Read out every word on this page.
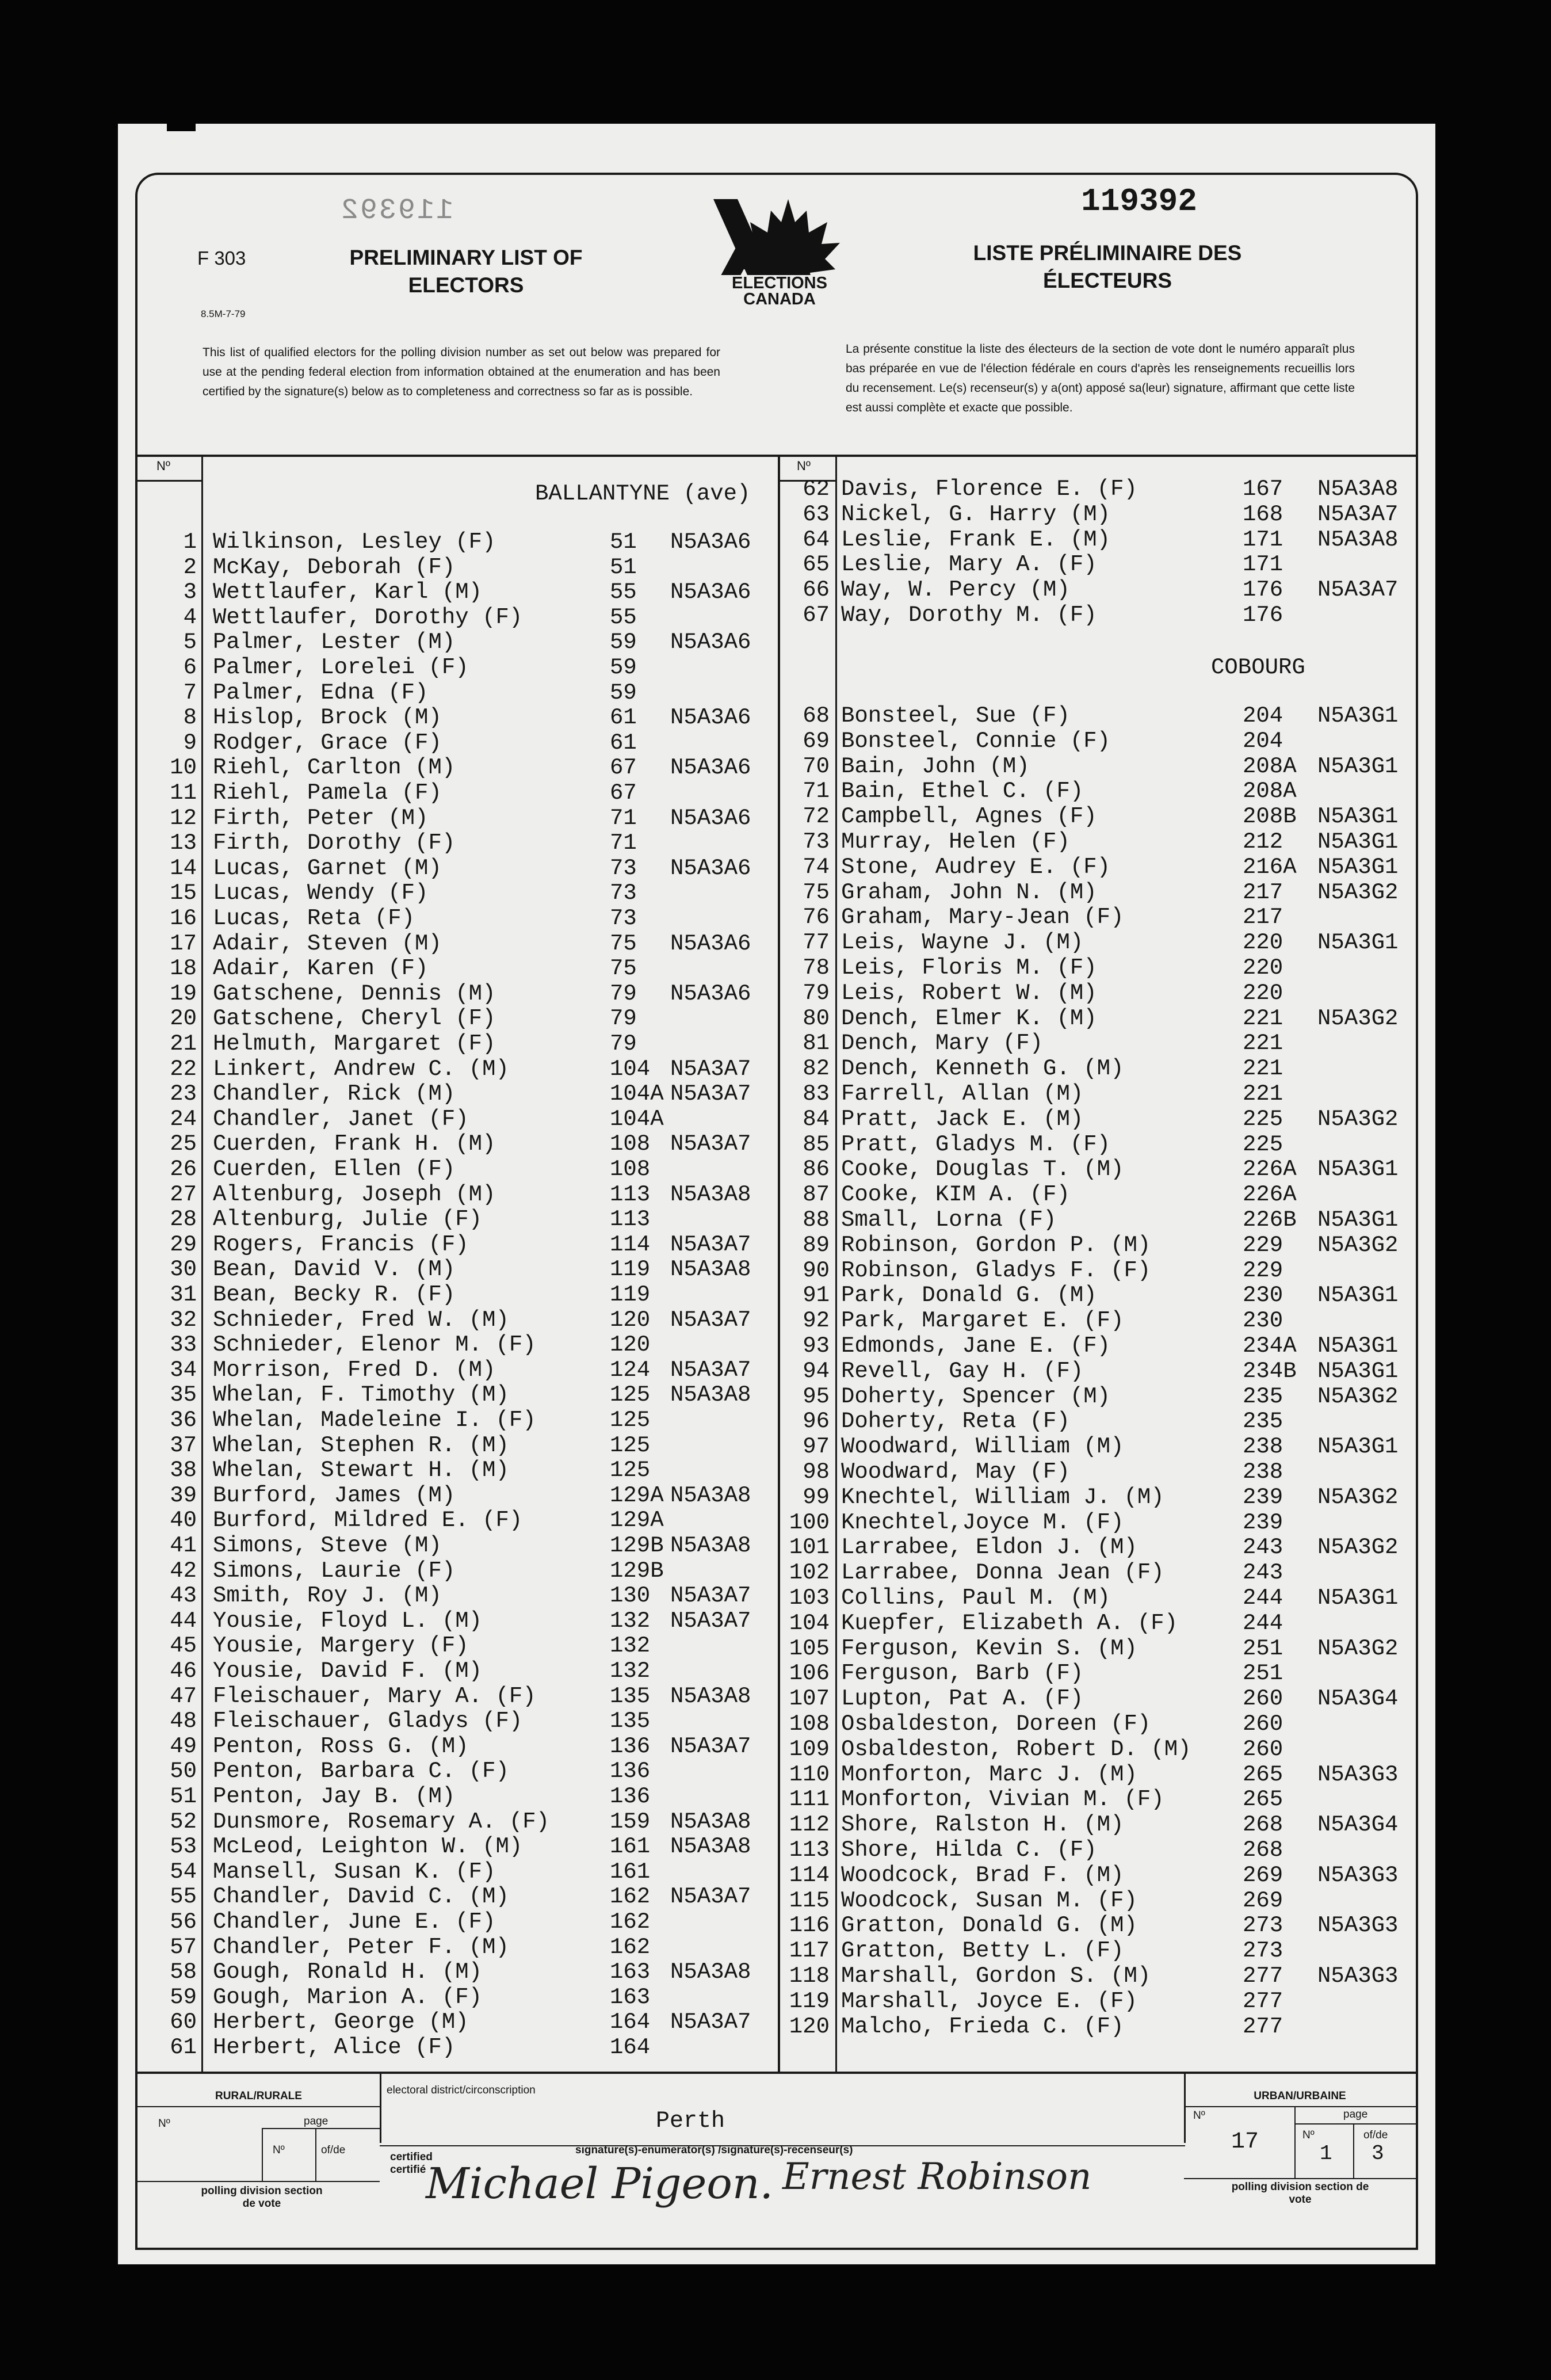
119392	119392
F 303
8.5M-7-79
PRELIMINARY LIST OF ELECTORS
LISTE PRÉLIMINAIRE DES ÉLECTEURS
ELECTIONS CANADA
This list of qualified electors for the polling division number as set out below was prepared for use at the pending federal election from information obtained at the enumeration and has been certified by the signature(s) below as to completeness and correctness so far as is possible.
La présente constitue la liste des électeurs de la section de vote dont le numéro apparaît plus bas préparée en vue de l'élection fédérale en cours d'après les renseignements recueillis lors du recensement. Le(s) recenseur(s) y a(ont) apposé sa(leur) signature, affirmant que cette liste est aussi complète et exacte que possible.
Nº	Nº
BALLANTYNE (ave)
1 Wilkinson, Lesley (F)	51 N5A3A6
2 McKay, Deborah (F)	51
3 Wettlaufer, Karl (M)	55 N5A3A6
4 Wettlaufer, Dorothy (F)	55
5 Palmer, Lester (M)	59 N5A3A6
6 Palmer, Lorelei (F)	59
7 Palmer, Edna (F)	59
8 Hislop, Brock (M)	61 N5A3A6
9 Rodger, Grace (F)	61
10 Riehl, Carlton (M)	67 N5A3A6
11 Riehl, Pamela (F)	67
12 Firth, Peter (M)	71 N5A3A6
13 Firth, Dorothy (F)	71
14 Lucas, Garnet (M)	73 N5A3A6
15 Lucas, Wendy (F)	73
16 Lucas, Reta (F)	73
17 Adair, Steven (M)	75 N5A3A6
18 Adair, Karen (F)	75
19 Gatschene, Dennis (M)	79 N5A3A6
20 Gatschene, Cheryl (F)	79
21 Helmuth, Margaret (F)	79
22 Linkert, Andrew C. (M)	104 N5A3A7
23 Chandler, Rick (M)	104A N5A3A7
24 Chandler, Janet (F)	104A
25 Cuerden, Frank H. (M)	108 N5A3A7
26 Cuerden, Ellen (F)	108
27 Altenburg, Joseph (M)	113 N5A3A8
28 Altenburg, Julie (F)	113
29 Rogers, Francis (F)	114 N5A3A7
30 Bean, David V. (M)	119 N5A3A8
31 Bean, Becky R. (F)	119
32 Schnieder, Fred W. (M)	120 N5A3A7
33 Schnieder, Elenor M. (F)	120
34 Morrison, Fred D. (M)	124 N5A3A7
35 Whelan, F. Timothy (M)	125 N5A3A8
36 Whelan, Madeleine I. (F)	125
37 Whelan, Stephen R. (M)	125
38 Whelan, Stewart H. (M)	125
39 Burford, James (M)	129A N5A3A8
40 Burford, Mildred E. (F)	129A
41 Simons, Steve (M)	129B N5A3A8
42 Simons, Laurie (F)	129B
43 Smith, Roy J. (M)	130 N5A3A7
44 Yousie, Floyd L. (M)	132 N5A3A7
45 Yousie, Margery (F)	132
46 Yousie, David F. (M)	132
47 Fleischauer, Mary A. (F)	135 N5A3A8
48 Fleischauer, Gladys (F)	135
49 Penton, Ross G. (M)	136 N5A3A7
50 Penton, Barbara C. (F)	136
51 Penton, Jay B. (M)	136
52 Dunsmore, Rosemary A. (F)	159 N5A3A8
53 McLeod, Leighton W. (M)	161 N5A3A8
54 Mansell, Susan K. (F)	161
55 Chandler, David C. (M)	162 N5A3A7
56 Chandler, June E. (F)	162
57 Chandler, Peter F. (M)	162
58 Gough, Ronald H. (M)	163 N5A3A8
59 Gough, Marion A. (F)	163
60 Herbert, George (M)	164 N5A3A7
61 Herbert, Alice (F)	164
62 Davis, Florence E. (F)	167 N5A3A8
63 Nickel, G. Harry (M)	168 N5A3A7
64 Leslie, Frank E. (M)	171 N5A3A8
65 Leslie, Mary A. (F)	171
66 Way, W. Percy (M)	176 N5A3A7
67 Way, Dorothy M. (F)	176
COBOURG
68 Bonsteel, Sue (F)	204 N5A3G1
69 Bonsteel, Connie (F)	204
70 Bain, John (M)	208A N5A3G1
71 Bain, Ethel C. (F)	208A
72 Campbell, Agnes (F)	208B N5A3G1
73 Murray, Helen (F)	212 N5A3G1
74 Stone, Audrey E. (F)	216A N5A3G1
75 Graham, John N. (M)	217 N5A3G2
76 Graham, Mary-Jean (F)	217
77 Leis, Wayne J. (M)	220 N5A3G1
78 Leis, Floris M. (F)	220
79 Leis, Robert W. (M)	220
80 Dench, Elmer K. (M)	221 N5A3G2
81 Dench, Mary (F)	221
82 Dench, Kenneth G. (M)	221
83 Farrell, Allan (M)	221
84 Pratt, Jack E. (M)	225 N5A3G2
85 Pratt, Gladys M. (F)	225
86 Cooke, Douglas T. (M)	226A N5A3G1
87 Cooke, KIM A. (F)	226A
88 Small, Lorna (F)	226B N5A3G1
89 Robinson, Gordon P. (M)	229 N5A3G2
90 Robinson, Gladys F. (F)	229
91 Park, Donald G. (M)	230 N5A3G1
92 Park, Margaret E. (F)	230
93 Edmonds, Jane E. (F)	234A N5A3G1
94 Revell, Gay H. (F)	234B N5A3G1
95 Doherty, Spencer (M)	235 N5A3G2
96 Doherty, Reta (F)	235
97 Woodward, William (M)	238 N5A3G1
98 Woodward, May (F)	238
99 Knechtel, William J. (M)	239 N5A3G2
100 Knechtel,Joyce M. (F)	239
101 Larrabee, Eldon J. (M)	243 N5A3G2
102 Larrabee, Donna Jean (F)	243
103 Collins, Paul M. (M)	244 N5A3G1
104 Kuepfer, Elizabeth A. (F)	244
105 Ferguson, Kevin S. (M)	251 N5A3G2
106 Ferguson, Barb (F)	251
107 Lupton, Pat A. (F)	260 N5A3G4
108 Osbaldeston, Doreen (F)	260
109 Osbaldeston, Robert D. (M) 260
110 Monforton, Marc J. (M)	265 N5A3G3
111 Monforton, Vivian M. (F)	265
112 Shore, Ralston H. (M)	268 N5A3G4
113 Shore, Hilda C. (F)	268
114 Woodcock, Brad F. (M)	269 N5A3G3
115 Woodcock, Susan M. (F)	269
116 Gratton, Donald G. (M)	273 N5A3G3
117 Gratton, Betty L. (F)	273
118 Marshall, Gordon S. (M)	277 N5A3G3
119 Marshall, Joyce E. (F)	277
120 Malcho, Frieda C. (F)	277
RURAL/RURALE
Nº	page
Nº	of/de
polling division section de vote
electoral district/circonscription
Perth
certified certifié
signature(s)-enumerator(s) /signature(s)-recenseur(s)
Michael Pigeon. Ernest Robinson
URBAN/URBAINE
Nº
17
page
Nº	of/de
1 3
polling division section de vote
